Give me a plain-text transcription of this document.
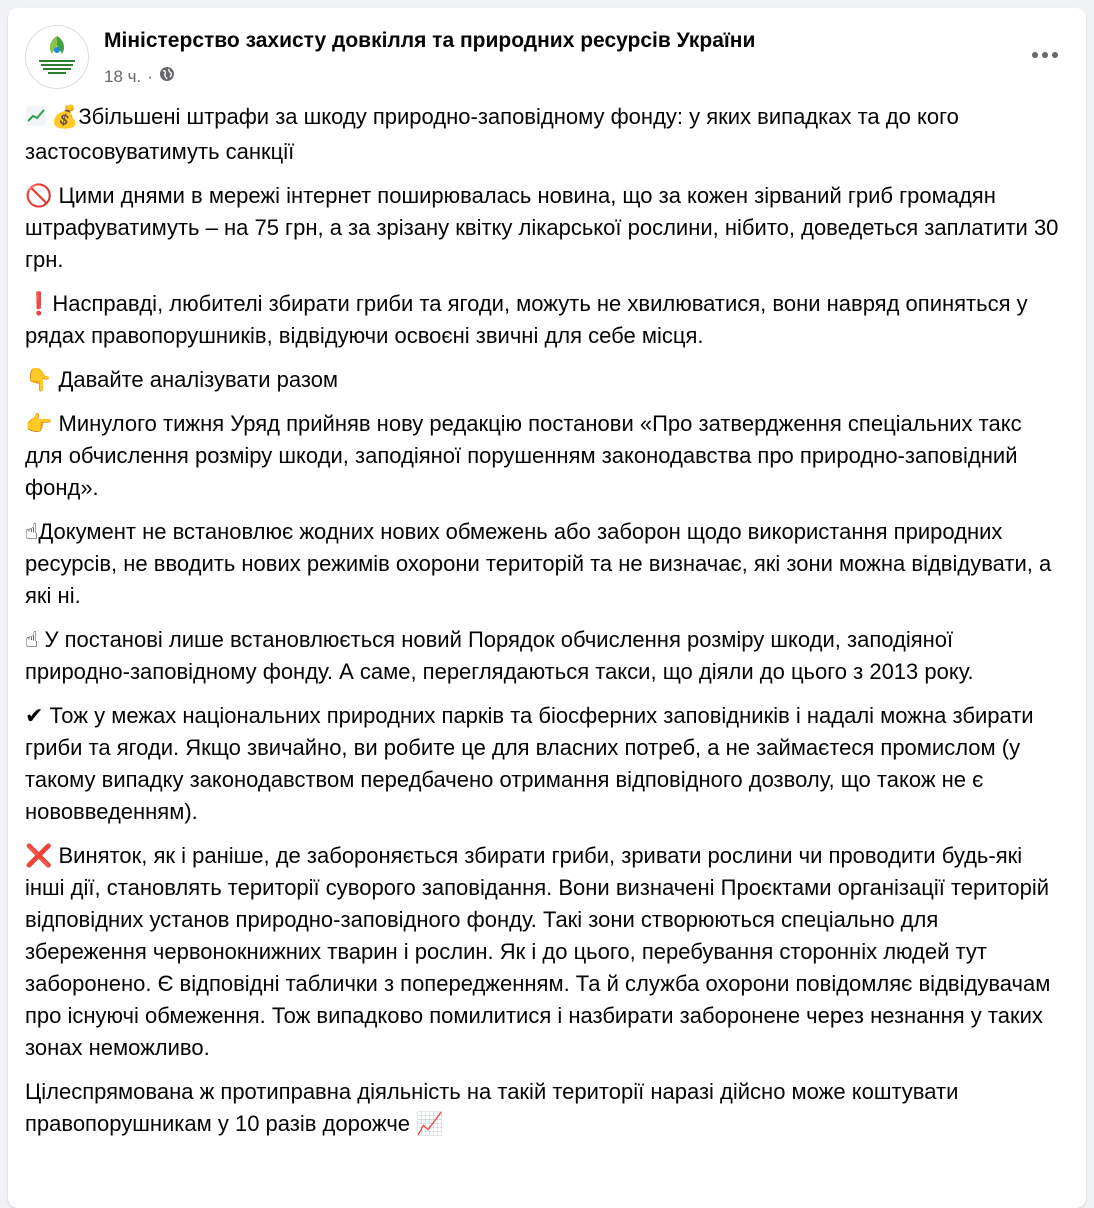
Міністерство захисту довкілля та природних ресурсів України
18 ч. ·

💰Збільшені штрафи за шкоду природно-заповідному фонду: у яких випадках та до кого застосовуватимуть санкції

🚫 Цими днями в мережі інтернет поширювалась новина, що за кожен зірваний гриб громадян штрафуватимуть – на 75 грн, а за зрізану квітку лікарської рослини, нібито, доведеться заплатити 30 грн.

❗Насправді, любителі збирати гриби та ягоди, можуть не хвилюватися, вони навряд опиняться у рядах правопорушників, відвідуючи освоєні звичні для себе місця.

👇 Давайте аналізувати разом

👉 Минулого тижня Уряд прийняв нову редакцію постанови «Про затвердження спеціальних такс для обчислення розміру шкоди, заподіяної порушенням законодавства про природно-заповідний фонд».

☝Документ не встановлює жодних нових обмежень або заборон щодо використання природних ресурсів, не вводить нових режимів охорони територій та не визначає, які зони можна відвідувати, а які ні.

☝ У постанові лише встановлюється новий Порядок обчислення розміру шкоди, заподіяної природно-заповідному фонду. А саме, переглядаються такси, що діяли до цього з 2013 року.

✔ Тож у межах національних природних парків та біосферних заповідників і надалі можна збирати гриби та ягоди. Якщо звичайно, ви робите це для власних потреб, а не займаєтеся промислом (у такому випадку законодавством передбачено отримання відповідного дозволу, що також не є нововведенням).

❌ Виняток, як і раніше, де забороняється збирати гриби, зривати рослини чи проводити будь-які інші дії, становлять території суворого заповідання. Вони визначені Проєктами організації територій відповідних установ природно-заповідного фонду. Такі зони створюються спеціально для збереження червонокнижних тварин і рослин. Як і до цього, перебування сторонніх людей тут заборонено. Є відповідні таблички з попередженням. Та й служба охорони повідомляє відвідувачам про існуючі обмеження. Тож випадково помилитися і назбирати заборонене через незнання у таких зонах неможливо.

Цілеспрямована ж протиправна діяльність на такій території наразі дійсно може коштувати правопорушникам у 10 разів дорожче 📈
